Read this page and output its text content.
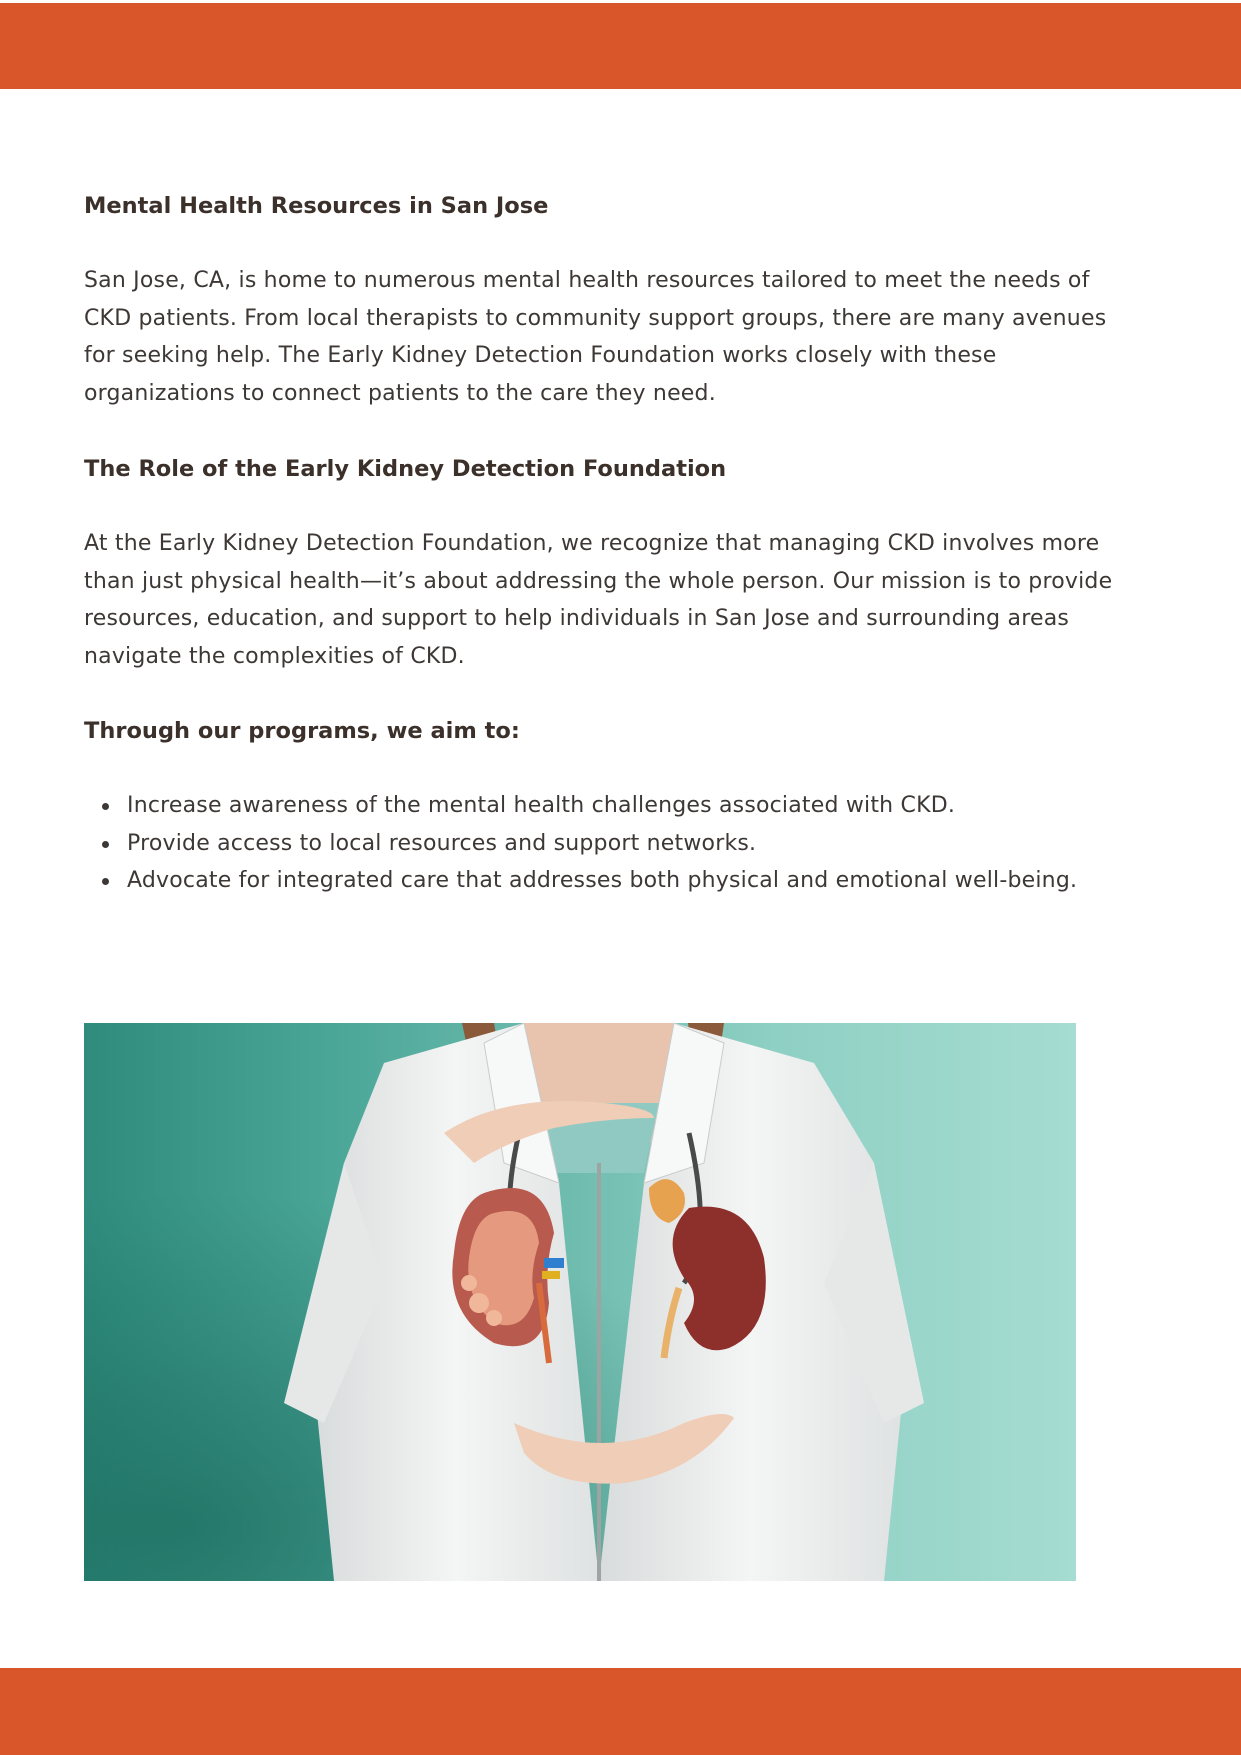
Mental Health Resources in San Jose

San Jose, CA, is home to numerous mental health resources tailored to meet the needs of CKD patients. From local therapists to community support groups, there are many avenues for seeking help. The Early Kidney Detection Foundation works closely with these organizations to connect patients to the care they need.

The Role of the Early Kidney Detection Foundation

At the Early Kidney Detection Foundation, we recognize that managing CKD involves more than just physical health—it’s about addressing the whole person. Our mission is to provide resources, education, and support to help individuals in San Jose and surrounding areas navigate the complexities of CKD.

Through our programs, we aim to:
Increase awareness of the mental health challenges associated with CKD.
Provide access to local resources and support networks.
Advocate for integrated care that addresses both physical and emotional well-being.
